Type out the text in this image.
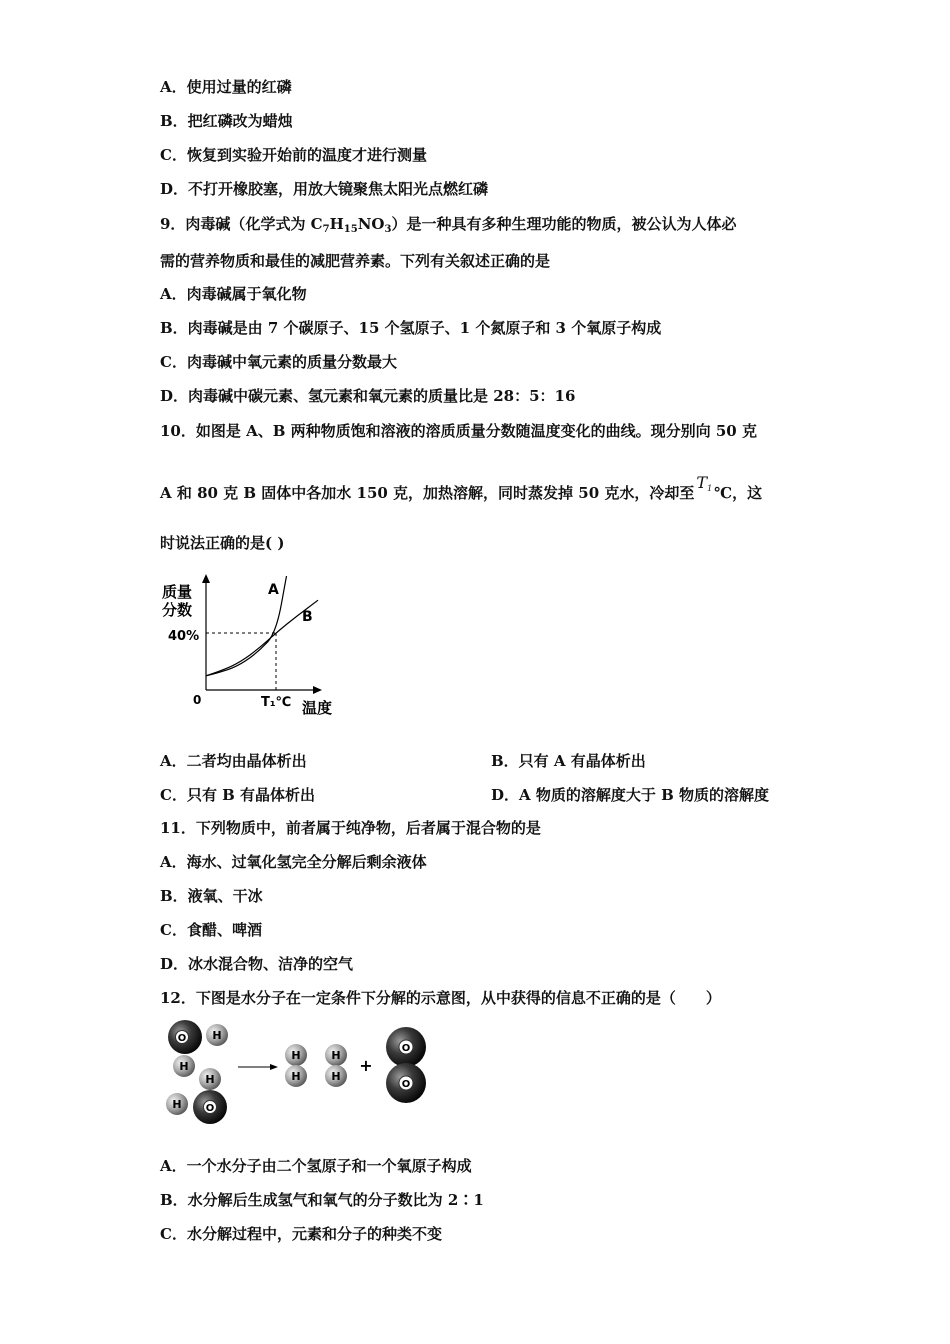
A．使用过量的红磷
B．把红磷改为蜡烛
C．恢复到实验开始前的温度才进行测量
D．不打开橡胶塞，用放大镜聚焦太阳光点燃红磷
9．肉毒碱（化学式为 $C_7H_{15}NO_3$）是一种具有多种生理功能的物质，被公认为人体必
需的营养物质和最佳的减肥营养素。下列有关叙述正确的是
A．肉毒碱属于氧化物
B．肉毒碱是由 7 个碳原子、15 个氢原子、1 个氮原子和 3 个氧原子构成
C．肉毒碱中氧元素的质量分数最大
D．肉毒碱中碳元素、氢元素和氧元素的质量比是 28：5：16
10．如图是 A、B 两种物质饱和溶液的溶质质量分数随温度变化的曲线。现分别向 50 克
A 和 80 克 B 固体中各加水 150 克，加热溶解，同时蒸发掉 50 克水，冷却至$T_1$ ℃，这
时说法正确的是( )
质量
分数
40%
0	T₁℃ 温度
A
B
A．二者均由晶体析出	B．只有 A 有晶体析出
C．只有 B 有晶体析出	D．A 物质的溶解度大于 B 物质的溶解度
11．下列物质中，前者属于纯净物，后者属于混合物的是
A．海水、过氧化氢完全分解后剩余液体
B．液氧、干冰
C．食醋、啤酒
D．冰水混合物、洁净的空气
12．下图是水分子在一定条件下分解的示意图，从中获得的信息不正确的是（　　）
O H
H
H
H O
H
H
H
H
+
O
O
A．一个水分子由二个氢原子和一个氧原子构成
B．水分解后生成氢气和氧气的分子数比为 2∶1
C．水分解过程中，元素和分子的种类不变
